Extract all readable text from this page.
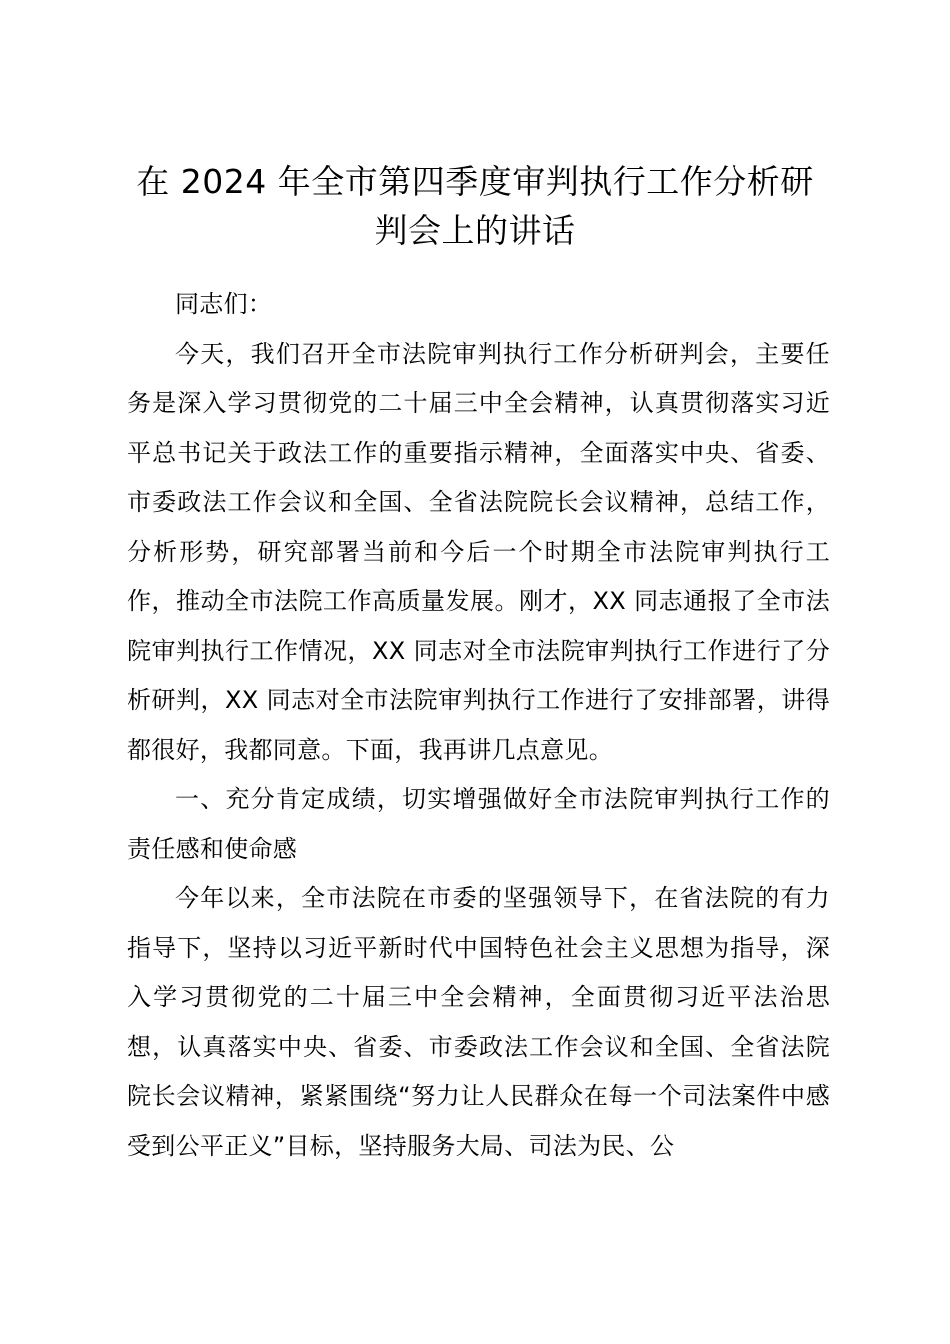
在 2024 年全市第四季度审判执行工作分析研判会上的讲话

同志们：

今天，我们召开全市法院审判执行工作分析研判会，主要任务是深入学习贯彻党的二十届三中全会精神，认真贯彻落实习近平总书记关于政法工作的重要指示精神，全面落实中央、省委、市委政法工作会议和全国、全省法院院长会议精神，总结工作，分析形势，研究部署当前和今后一个时期全市法院审判执行工作，推动全市法院工作高质量发展。刚才，XX 同志通报了全市法院审判执行工作情况，XX 同志对全市法院审判执行工作进行了分析研判，XX 同志对全市法院审判执行工作进行了安排部署，讲得都很好，我都同意。下面，我再讲几点意见。

一、充分肯定成绩，切实增强做好全市法院审判执行工作的责任感和使命感

今年以来，全市法院在市委的坚强领导下，在省法院的有力指导下，坚持以习近平新时代中国特色社会主义思想为指导，深入学习贯彻党的二十届三中全会精神，全面贯彻习近平法治思想，认真落实中央、省委、市委政法工作会议和全国、全省法院院长会议精神，紧紧围绕“努力让人民群众在每一个司法案件中感受到公平正义”目标，坚持服务大局、司法为民、公
